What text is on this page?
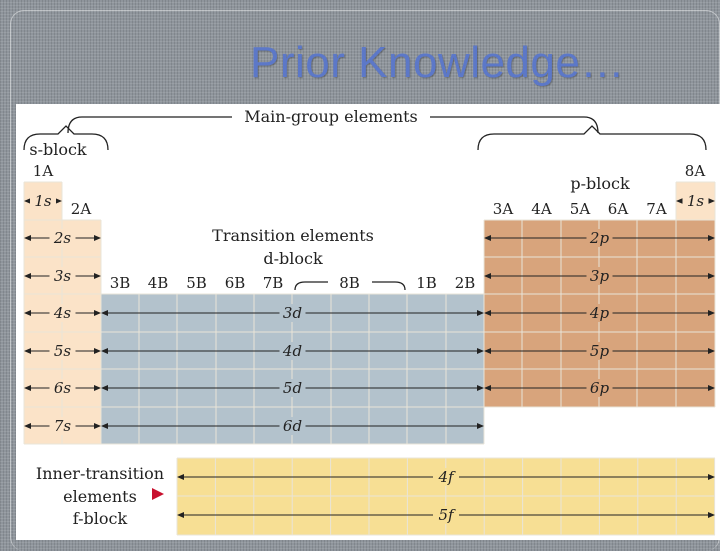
Prior Knowledge…
Main-group elements
s-block
p-block
Transition elements
d-block
Inner-transition
elements
f-block
1A
2A
3B 4B 5B 6B 7B	8B	1B 2B
3A 4A 5A 6A 7A
8A
1s
2s
3s
4s
5s
6s
7s
1s
2p
3p
4p
5p
6p
3d
4d
5d
6d
4f
5f
